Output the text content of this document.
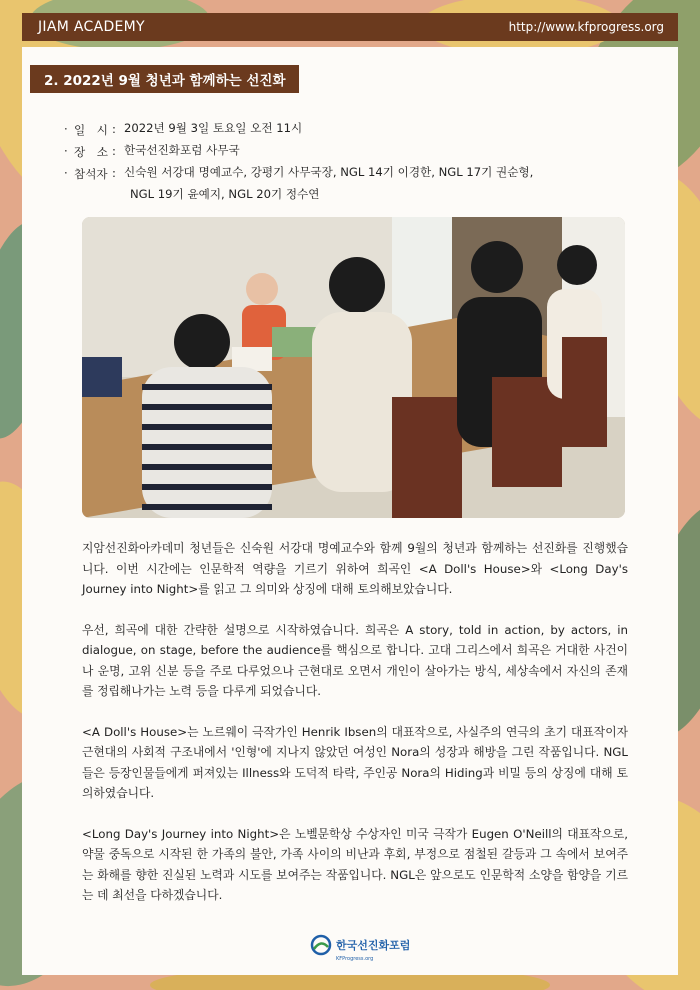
JIAM ACADEMY	http://www.kfprogress.org
2. 2022년 9월 청년과 함께하는 선진화
· 일　시 : 2022년 9월 3일 토요일 오전 11시
· 장　소 : 한국선진화포럼 사무국
· 참석자 : 신숙원 서강대 명예교수, 강평기 사무국장, NGL 14기 이경한, NGL 17기 권순형,
NGL 19기 윤예지, NGL 20기 정수연

지암선진화아카데미 청년들은 신숙원 서강대 명예교수와 함께 9월의 청년과 함께하는 선진화를 진행했습니다. 이번 시간에는 인문학적 역량을 기르기 위하여 희곡인 <A Doll's House>와 <Long Day's Journey into Night>를 읽고 그 의미와 상징에 대해 토의해보았습니다.

우선, 희곡에 대한 간략한 설명으로 시작하였습니다. 희곡은 A story, told in action, by actors, in dialogue, on stage, before the audience를 핵심으로 합니다. 고대 그리스에서 희곡은 거대한 사건이나 운명, 고위 신분 등을 주로 다루었으나 근현대로 오면서 개인이 살아가는 방식, 세상속에서 자신의 존재를 정립해나가는 노력 등을 다루게 되었습니다.

<A Doll's House>는 노르웨이 극작가인 Henrik Ibsen의 대표작으로, 사실주의 연극의 초기 대표작이자 근현대의 사회적 구조내에서 '인형'에 지나지 않았던 여성인 Nora의 성장과 해방을 그린 작품입니다. NGL들은 등장인물들에게 퍼져있는 Illness와 도덕적 타락, 주인공 Nora의 Hiding과 비밀 등의 상징에 대해 토의하였습니다.

<Long Day's Journey into Night>은 노벨문학상 수상자인 미국 극작가 Eugen O'Neill의 대표작으로, 약물 중독으로 시작된 한 가족의 불안, 가족 사이의 비난과 후회, 부정으로 점철된 갈등과 그 속에서 보여주는 화해를 향한 진실된 노력과 시도를 보여주는 작품입니다. NGL은 앞으로도 인문학적 소양을 함양을 기르는 데 최선을 다하겠습니다.

한국선진화포럼
KFProgress.org
